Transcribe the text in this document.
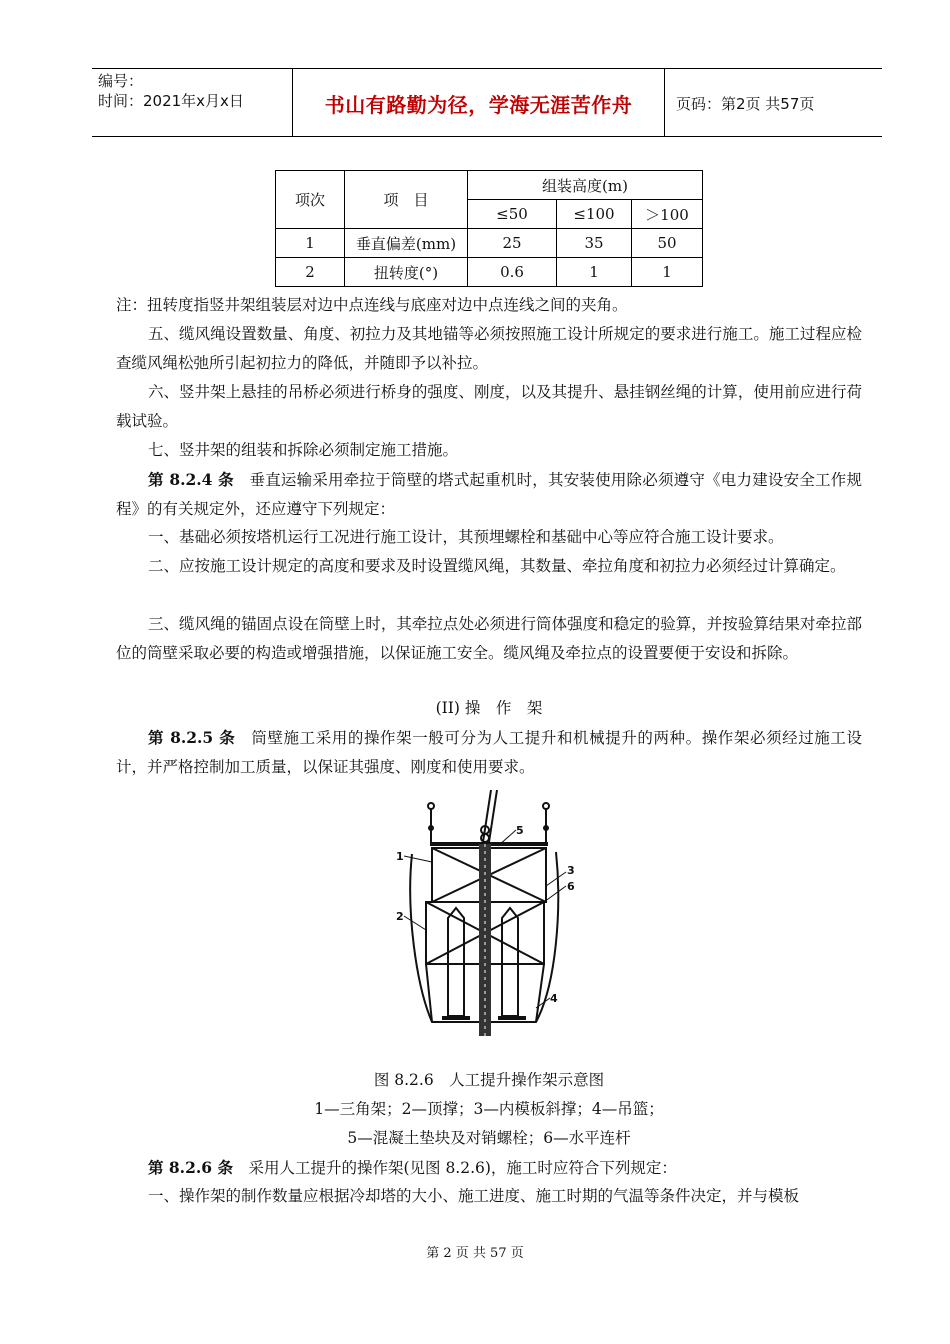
编号：
时间：2021年x月x日	书山有路勤为径，学海无涯苦作舟	页码：第2页 共57页
项次	项　目	组装高度(m)		
		≤50	≤100	＞100
1	垂直偏差(mm)	25	35	50
2	扭转度(°)	0.6	1	1
注：扭转度指竖井架组装层对边中点连线与底座对边中点连线之间的夹角。
五、缆风绳设置数量、角度、初拉力及其地锚等必须按照施工设计所规定的要求进行施工。施工过程应检查缆风绳松弛所引起初拉力的降低，并随即予以补拉。
六、竖井架上悬挂的吊桥必须进行桥身的强度、刚度，以及其提升、悬挂钢丝绳的计算，使用前应进行荷载试验。
七、竖井架的组装和拆除必须制定施工措施。
第 8.2.4 条　 垂直运输采用牵拉于筒壁的塔式起重机时，其安装使用除必须遵守《电力建设安全工作规程》的有关规定外，还应遵守下列规定：
一、基础必须按塔机运行工况进行施工设计，其预埋螺栓和基础中心等应符合施工设计要求。
二、应按施工设计规定的高度和要求及时设置缆风绳，其数量、牵拉角度和初拉力必须经过计算确定。
三、缆风绳的锚固点设在筒壁上时，其牵拉点处必须进行筒体强度和稳定的验算，并按验算结果对牵拉部位的筒壁采取必要的构造或增强措施，以保证施工安全。缆风绳及牵拉点的设置要便于安设和拆除。
(II) 操　作　架
第 8.2.5 条　 筒壁施工采用的操作架一般可分为人工提升和机械提升的两种。操作架必须经过施工设计，并严格控制加工质量，以保证其强度、刚度和使用要求。
1
2
3
4
5
6
图 8.2.6　人工提升操作架示意图
1—三角架；2—顶撑；3—内模板斜撑；4—吊篮；
5—混凝土垫块及对销螺栓；6—水平连杆
第 8.2.6 条　 采用人工提升的操作架(见图 8.2.6)，施工时应符合下列规定：
一、操作架的制作数量应根据冷却塔的大小、施工进度、施工时期的气温等条件决定，并与模板
第 2 页 共 57 页
